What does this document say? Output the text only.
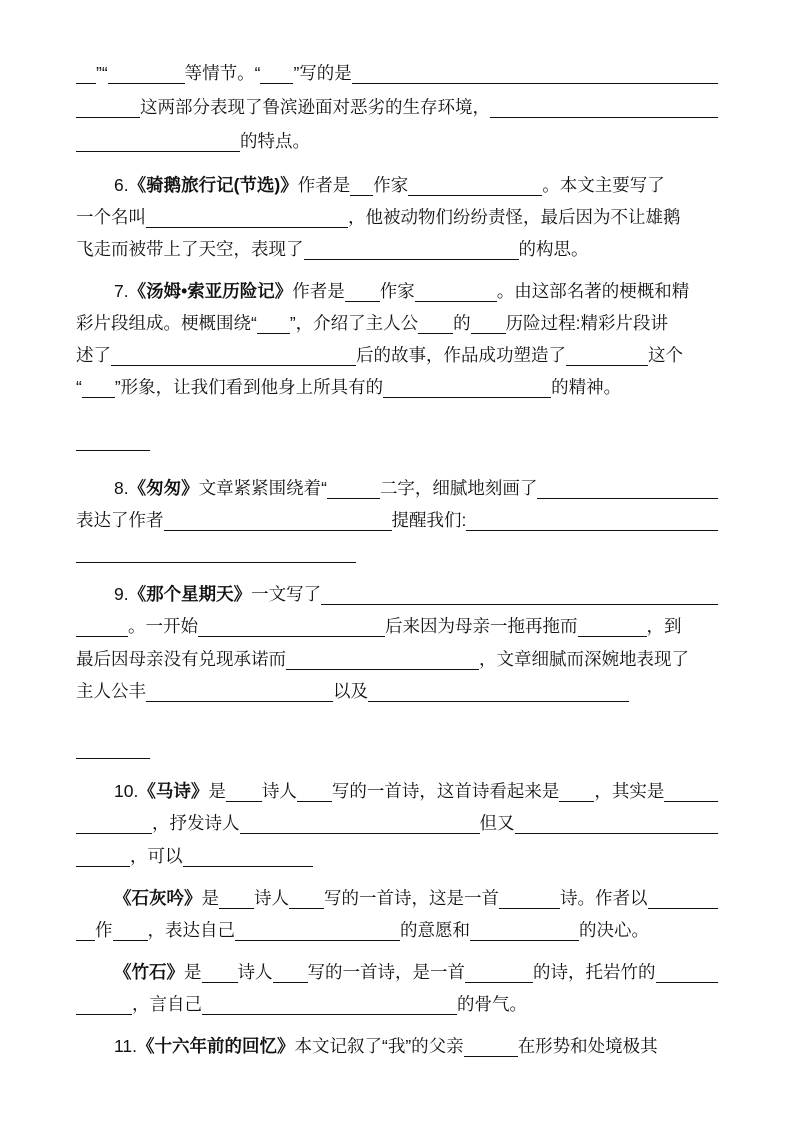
”“	等情节。“ ”写的是
这两部分表现了鲁滨逊面对恶劣的生存环境，
的特点。
6. 《骑鹅旅行记(节选)》 作者是 作家	。本文主要写了
一个名叫	，他被动物们纷纷责怪，最后因为不让雄鹅
飞走而被带上了天空，表现了	的构思。
7. 《汤姆•索亚历险记》 作者是 作家	。由这部名著的梗概和精
彩片段组成。梗概围绕“ ”，介绍了主人公 的 历险过程:精彩片段讲
述了	后的故事，作品成功塑造了	这个
“ ”形象，让我们看到他身上所具有的	的精神。
8. 《匆匆》 文章紧紧围绕着“	二字，细腻地刻画了
表达了作者	提醒我们:
9. 《那个星期天》 一文写了
。一开始	后来因为母亲一拖再拖而	，到
最后因母亲没有兑现承诺而	，文章细腻而深婉地表现了
主人公丰	以及
10. 《马诗》 是 诗人 写的一首诗，这首诗看起来是 ，其实是
，抒发诗人	但又
，可以
《石灰吟》 是 诗人 写的一首诗，这是一首	诗。作者以
作 ，表达自己	的意愿和	的决心。
《竹石》 是 诗人 写的一首诗，是一首	的诗，托岩竹的
，言自己	的骨气。
11. 《十六年前的回忆》 本文记叙了“我”的父亲	在形势和处境极其
